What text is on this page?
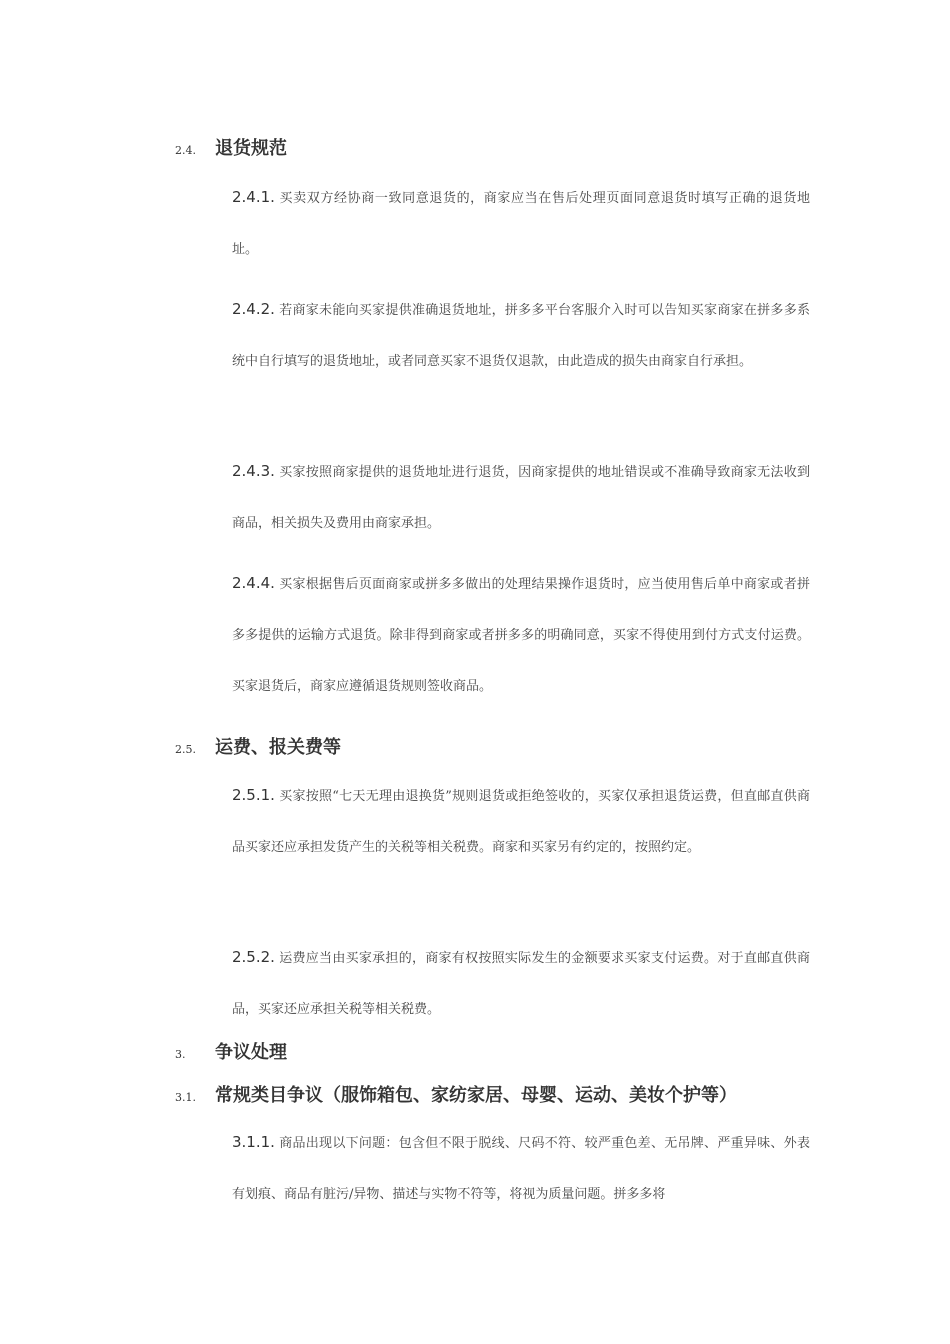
2.4.	退货规范
2.4.1. 买卖双方经协商一致同意退货的，商家应当在售后处理页面同意退货时填写正确的退货地址。
2.4.2. 若商家未能向买家提供准确退货地址，拼多多平台客服介入时可以告知买家商家在拼多多系统中自行填写的退货地址，或者同意买家不退货仅退款，由此造成的损失由商家自行承担。
2.4.3. 买家按照商家提供的退货地址进行退货，因商家提供的地址错误或不准确导致商家无法收到商品，相关损失及费用由商家承担。
2.4.4. 买家根据售后页面商家或拼多多做出的处理结果操作退货时，应当使用售后单中商家或者拼多多提供的运输方式退货。除非得到商家或者拼多多的明确同意，买家不得使用到付方式支付运费。买家退货后，商家应遵循退货规则签收商品。
2.5.	运费、报关费等
2.5.1. 买家按照“七天无理由退换货”规则退货或拒绝签收的，买家仅承担退货运费，但直邮直供商品买家还应承担发货产生的关税等相关税费。商家和买家另有约定的，按照约定。
2.5.2. 运费应当由买家承担的，商家有权按照实际发生的金额要求买家支付运费。对于直邮直供商品，买家还应承担关税等相关税费。
3.	争议处理
3.1.	常规类目争议（服饰箱包、家纺家居、母婴、运动、美妆个护等）
3.1.1. 商品出现以下问题：包含但不限于脱线、尺码不符、较严重色差、无吊牌、严重异味、外表有划痕、商品有脏污/异物、描述与实物不符等，将视为质量问题。拼多多将
